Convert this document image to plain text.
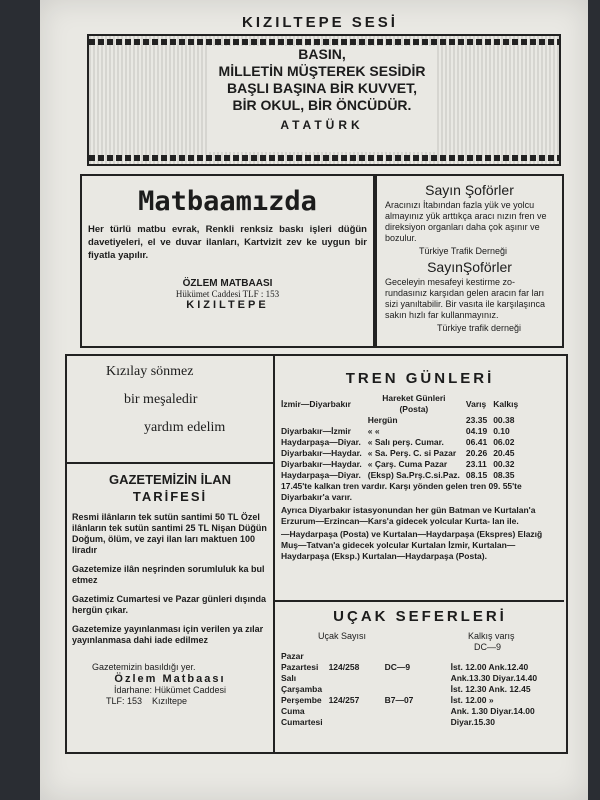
KIZILTEPE SESİ

BASIN,

MİLLETİN MÜŞTEREK SESİDİR

BAŞLI BAŞINA BİR KUVVET,

BİR OKUL, BİR ÖNCÜDÜR.

ATATÜRK
Matbaamızda
Her türlü matbu evrak, Renkli renksiz baskı işleri düğün davetiyeleri, el ve duvar ilanları, Kartvizit zev ke uygun bir fiyatla yapılır.
ÖZLEM MATBAASI
Hükümet Caddesi TLF : 153
KIZILTEPE
Sayın Şoförler
Aracınızı İtabından fazla yük ve yolcu almayınız yük arttıkça aracı nızın fren ve direksiyon organları daha çok aşınır ve bozulur.
Türkiye Trafik Derneği
SayınŞoförler
Geceleyin mesafeyi kestirme zo- rundasınız karşıdan gelen aracın far ları sizi yanıltabilir. Bir vasıta ile karşılaşınca sakın hızlı far kullanmayınız.
Türkiye trafik derneği
Kızılay sönmez
bir meşaledir
yardım edelim
GAZETEMİZİN İLAN
TARİFESİ
Resmi ilânların tek sutün santimi 50 TL Özel ilânların tek sutün santimi 25 TL Nişan Düğün Doğum, ölüm, ve zayi ilan ları maktuen 100 liradır
Gazetemize ilân neşrinden sorumluluk ka bul etmez
Gazetimiz Cumartesi ve Pazar günleri dışında hergün çıkar.
Gazetemize yayınlanması için verilen ya zılar yayınlanmasa dahi iade edilmez
Gazetemizin basıldığı yer.
Özlem Matbaası
İdarhane: Hükümet Caddesi
TLF: 153 Kızıltepe
TREN GÜNLERİ
İzmir—Diyarbakır	Hareket Günleri (Posta)	Varış	Kalkış
	Hergün	23.35	00.38
Diyarbakır—İzmir	« «	04.19	0.10
Haydarpaşa—Diyar.	« Salı perş. Cumar.	06.41	06.02
Diyarbakır—Haydar.	« Sa. Perş. C. si Pazar	20.26	20.45
Diyarbakır—Haydar.	« Çarş. Cuma Pazar	23.11	00.32
Haydarpaşa—Diyar.	(Eksp) Sa.Prş.C.si.Paz.	08.15	08.35
17.45'te kalkan tren vardır. Karşı yönden gelen tren 09. 55'te Diyarbakır'a varır.
Ayrıca Diyarbakır istasyonundan her gün Batman ve Kurtalan'a Erzurum—Erzincan—Kars'a gidecek yolcular Kurta- lan ile.
—Haydarpaşa (Posta) ve Kurtalan—Haydarpaşa (Ekspres) Elazığ Muş—Tatvan'a gidecek yolcular Kurtalan İzmir, Kurtalan—Haydarpaşa (Eksp.) Kurtalan—Haydarpaşa (Posta).
UÇAK SEFERLERİ
Uçak Sayısı	Kalkış varış
DC—9
Pazar			
Pazartesi	124/258	DC—9	İst. 12.00 Ank.12.40
Salı			Ank.13.30 Diyar.14.40
Çarşamba			İst. 12.30 Ank. 12.45
Perşembe	124/257	B7—07	İst. 12.00 »
Cuma			Ank. 1.30 Diyar.14.00
Cumartesi			Diyar.15.30
